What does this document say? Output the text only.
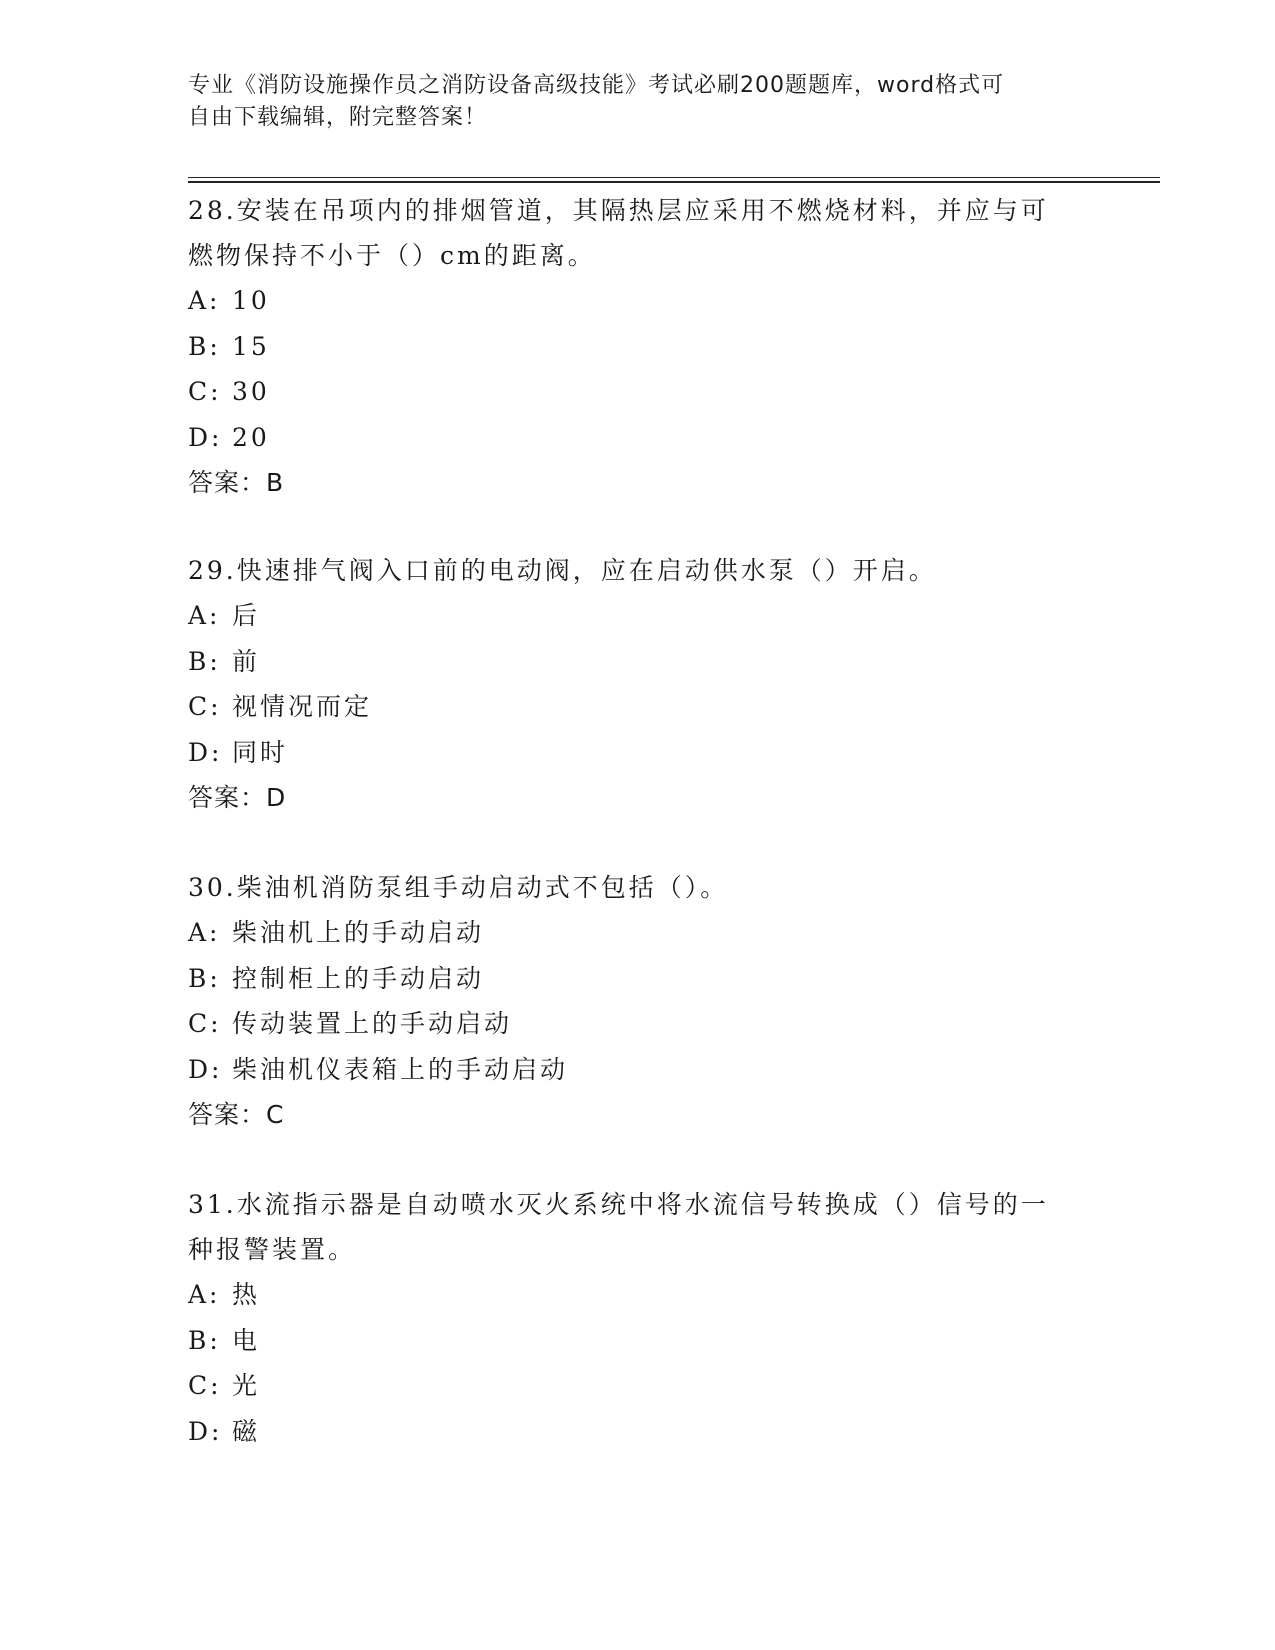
专业《消防设施操作员之消防设备高级技能》考试必刷200题题库，word格式可
自由下载编辑，附完整答案！

28.安装在吊项内的排烟管道，其隔热层应采用不燃烧材料，并应与可

燃物保持不小于（）cm的距离。

A: 10

B: 15

C: 30

D: 20

答案：B

29.快速排气阀入口前的电动阀，应在启动供水泵（）开启。

A: 后

B: 前

C: 视情况而定

D: 同时

答案：D

30.柴油机消防泵组手动启动式不包括（）。

A: 柴油机上的手动启动

B: 控制柜上的手动启动

C: 传动装置上的手动启动

D: 柴油机仪表箱上的手动启动

答案：C

31.水流指示器是自动喷水灭火系统中将水流信号转换成（）信号的一

种报警装置。

A: 热

B: 电

C: 光

D: 磁
